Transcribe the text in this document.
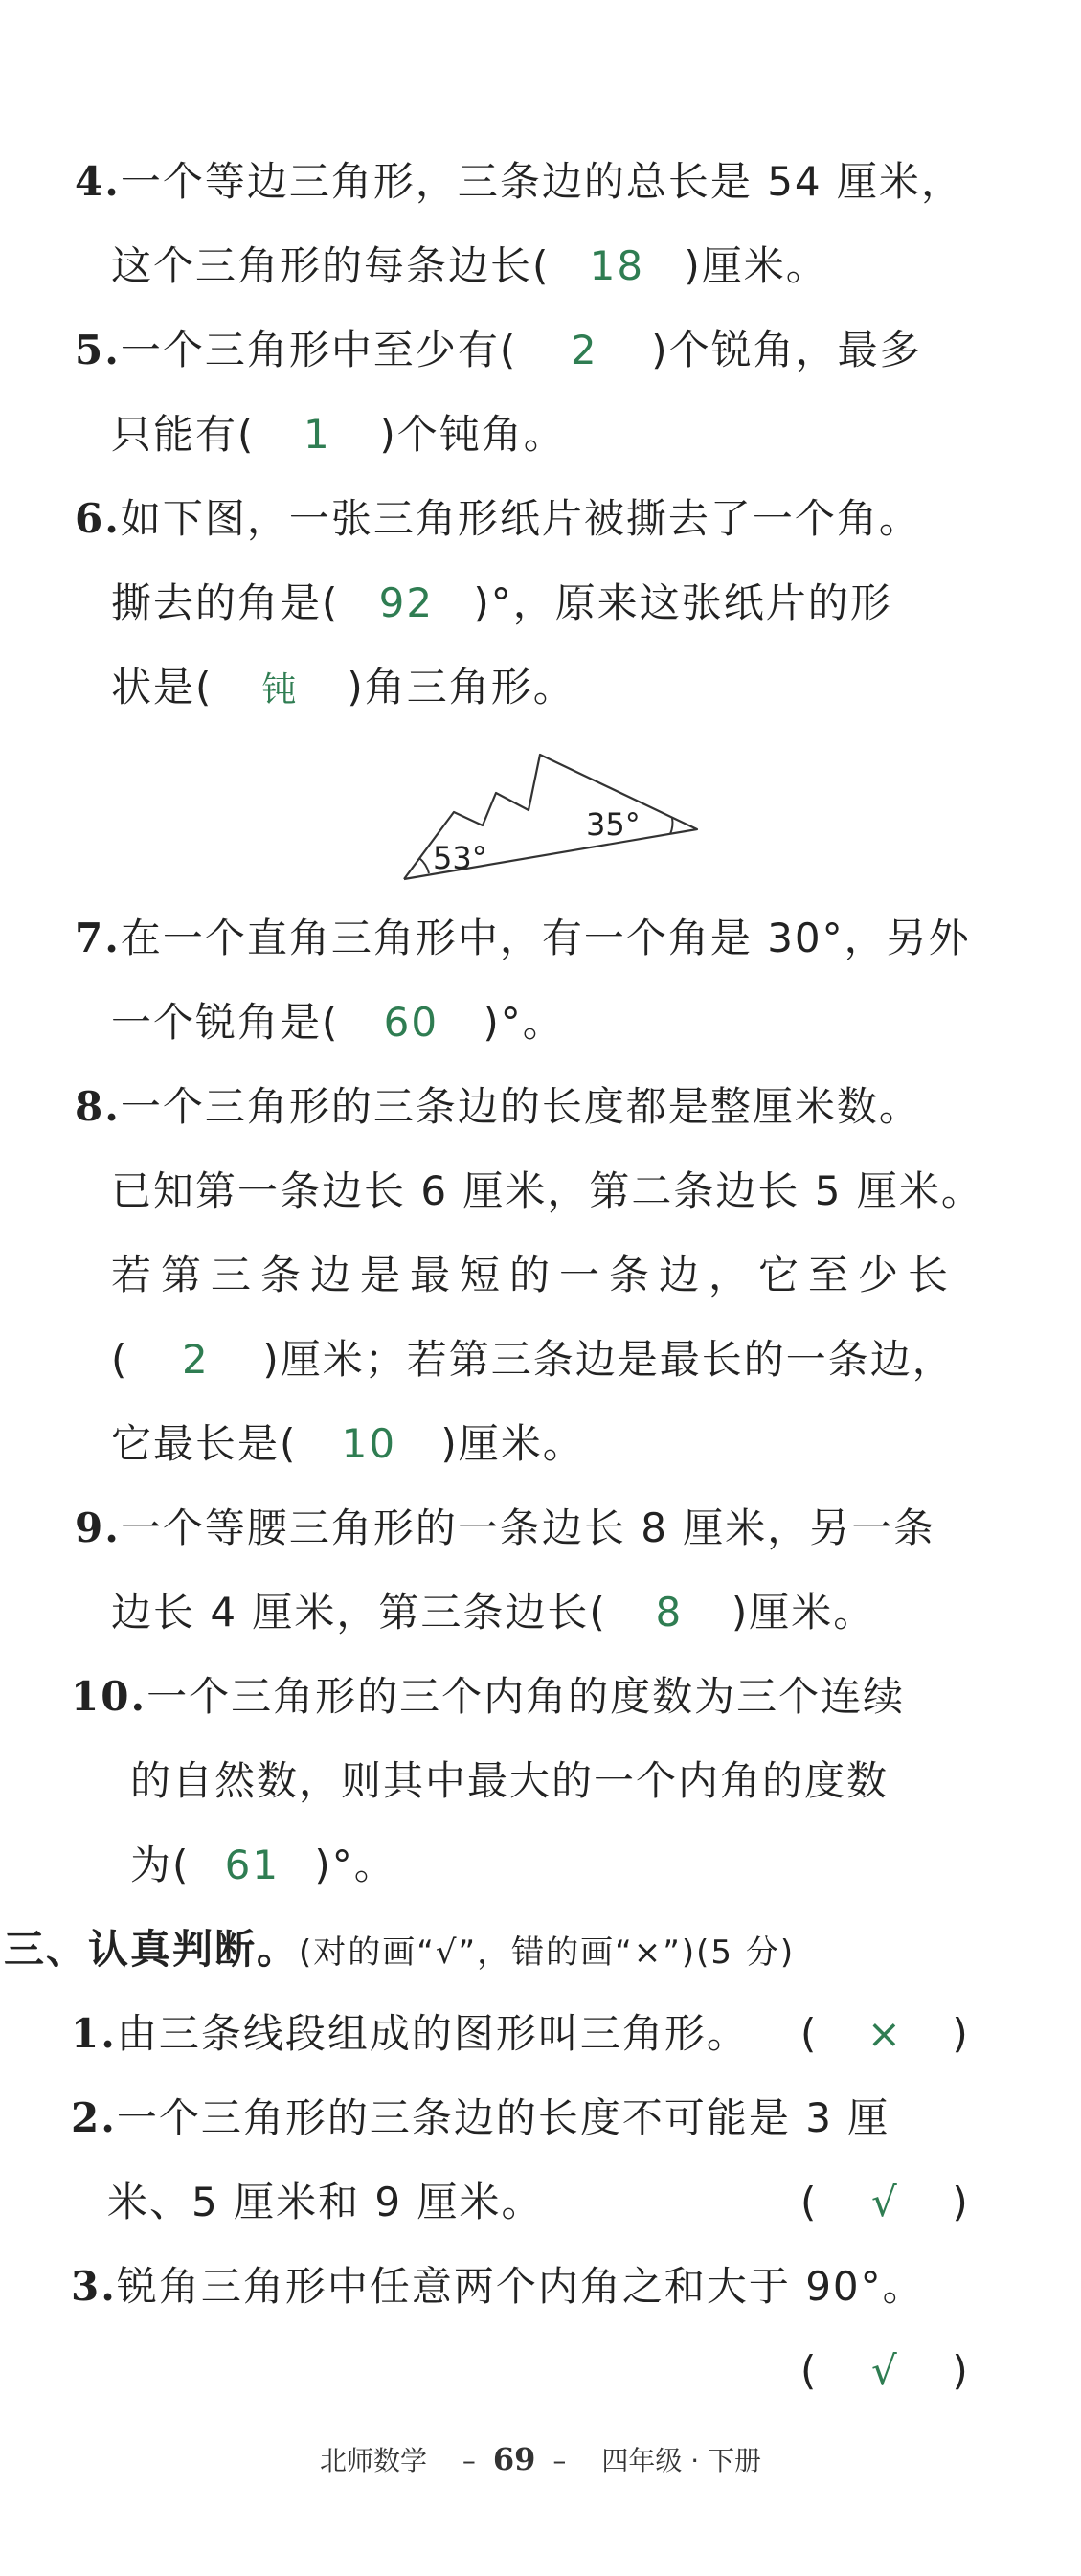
4.一个等边三角形，三条边的总长是 54 厘米，
这个三角形的每条边长( 18 )厘米。
5.一个三角形中至少有( 2 )个锐角，最多
只能有( 1 )个钝角。
6.如下图，一张三角形纸片被撕去了一个角。
撕去的角是( 92 )°，原来这张纸片的形
状是( 钝 )角三角形。
53°
35°
7.在一个直角三角形中，有一个角是 30°，另外
一个锐角是( 60 )°。
8.一个三角形的三条边的长度都是整厘米数。
已知第一条边长 6 厘米，第二条边长 5 厘米。
若第三条边是最短的一条边，它至少长
( 2 )厘米；若第三条边是最长的一条边，
它最长是( 10 )厘米。
9.一个等腰三角形的一条边长 8 厘米，另一条
边长 4 厘米，第三条边长( 8 )厘米。
10.一个三角形的三个内角的度数为三个连续
的自然数，则其中最大的一个内角的度数
为( 61 )°。
三、认真判断。(对的画“√”，错的画“×”)(5 分)
1.由三条线段组成的图形叫三角形。 ( × )
2.一个三角形的三条边的长度不可能是 3 厘
米、5 厘米和 9 厘米。	( √ )
3.锐角三角形中任意两个内角之和大于 90°。
( √ )
北师数学 – 69 – 四年级 · 下册
